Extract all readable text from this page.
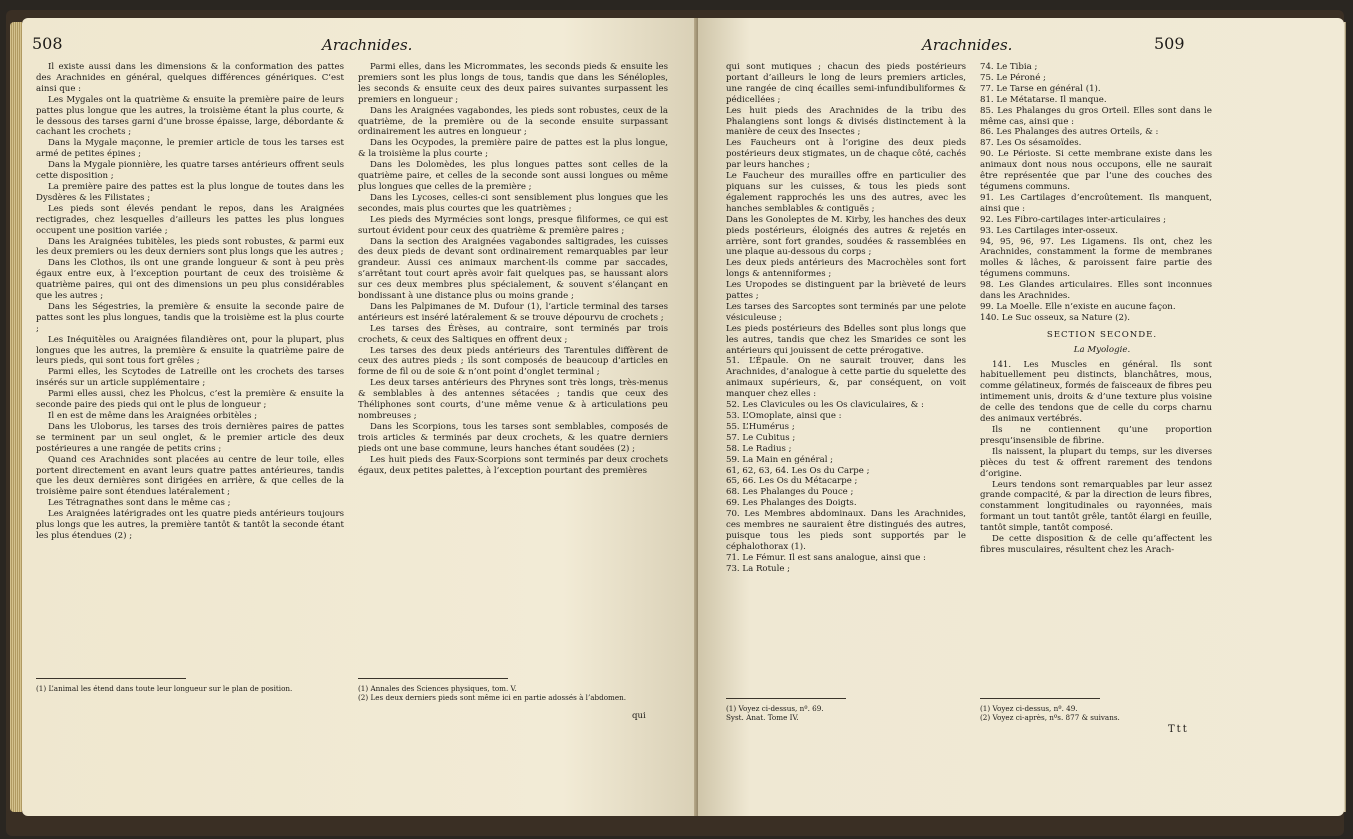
508	Arachnides.

Il existe aussi dans les dimensions & la conformation des pattes des Arachnides en général, quelques différences génériques. C’est ainsi que :

Les Mygales ont la quatrième & ensuite la première paire de leurs pattes plus longue que les autres, la troisième étant la plus courte, & le dessous des tarses garni d’une brosse épaisse, large, débordante & cachant les crochets ;

Dans la Mygale maçonne, le premier article de tous les tarses est armé de petites épines ;

Dans la Mygale pionnière, les quatre tarses antérieurs offrent seuls cette disposition ;

La première paire des pattes est la plus longue de toutes dans les Dysdères & les Filistates ;

Les pieds sont élevés pendant le repos, dans les Araignées rectigrades, chez lesquelles d’ailleurs les pattes les plus longues occupent une position variée ;

Dans les Araignées tubitèles, les pieds sont robustes, & parmi eux les deux premiers ou les deux derniers sont plus longs que les autres ;

Dans les Clothos, ils ont une grande longueur & sont à peu près égaux entre eux, à l’exception pourtant de ceux des troisième & quatrième paires, qui ont des dimensions un peu plus considérables que les autres ;

Dans les Ségestries, la première & ensuite la seconde paire de pattes sont les plus longues, tandis que la troisième est la plus courte ;

Les Inéquitèles ou Araignées filandières ont, pour la plupart, plus longues que les autres, la première & ensuite la quatrième paire de leurs pieds, qui sont tous fort grêles ;

Parmi elles, les Scytodes de Latreille ont les crochets des tarses insérés sur un article supplémentaire ;

Parmi elles aussi, chez les Pholcus, c’est la première & ensuite la seconde paire des pieds qui ont le plus de longueur ;

Il en est de même dans les Araignées orbitèles ;

Dans les Uloborus, les tarses des trois dernières paires de pattes se terminent par un seul onglet, & le premier article des deux postérieures a une rangée de petits crins ;

Quand ces Arachnides sont placées au centre de leur toile, elles portent directement en avant leurs quatre pattes antérieures, tandis que les deux dernières sont dirigées en arrière, & que celles de la troisième paire sont étendues latéralement ;

Les Tétragnathes sont dans le même cas ;

Les Araignées latérigrades ont les quatre pieds antérieurs toujours plus longs que les autres, la première tantôt & tantôt la seconde étant les plus étendues (2) ;

Parmi elles, dans les Micrommates, les seconds pieds & ensuite les premiers sont les plus longs de tous, tandis que dans les Sénéloples, les seconds & ensuite ceux des deux paires suivantes surpassent les premiers en longueur ;

Dans les Araignées vagabondes, les pieds sont robustes, ceux de la quatrième, de la première ou de la seconde ensuite surpassant ordinairement les autres en longueur ;

Dans les Ocypodes, la première paire de pattes est la plus longue, & la troisième la plus courte ;

Dans les Dolomèdes, les plus longues pattes sont celles de la quatrième paire, et celles de la seconde sont aussi longues ou même plus longues que celles de la première ;

Dans les Lycoses, celles-ci sont sensiblement plus longues que les secondes, mais plus courtes que les quatrièmes ;

Les pieds des Myrmécies sont longs, presque filiformes, ce qui est surtout évident pour ceux des quatrième & première paires ;

Dans la section des Araignées vagabondes saltigrades, les cuisses des deux pieds de devant sont ordinairement remarquables par leur grandeur. Aussi ces animaux marchent-ils comme par saccades, s’arrêtant tout court après avoir fait quelques pas, se haussant alors sur ces deux membres plus spécialement, & souvent s’élançant en bondissant à une distance plus ou moins grande ;

Dans les Palpimanes de M. Dufour (1), l’article terminal des tarses antérieurs est inséré latéralement & se trouve dépourvu de crochets ;

Les tarses des Érèses, au contraire, sont terminés par trois crochets, & ceux des Saltiques en offrent deux ;

Les tarses des deux pieds antérieurs des Tarentules diffèrent de ceux des autres pieds ; ils sont composés de beaucoup d’articles en forme de fil ou de soie & n’ont point d’onglet terminal ;

Les deux tarses antérieurs des Phrynes sont très longs, très-menus & semblables à des antennes sétacées ; tandis que ceux des Théliphones sont courts, d’une même venue & à articulations peu nombreuses ;

Dans les Scorpions, tous les tarses sont semblables, composés de trois articles & terminés par deux crochets, & les quatre derniers pieds ont une base commune, leurs hanches étant soudées (2) ;

Les huit pieds des Faux-Scorpions sont terminés par deux crochets égaux, deux petites palettes, à l’exception pourtant des premières

(1) L’animal les étend dans toute leur longueur sur le plan de position.	(1) Annales des Sciences physiques, tom. V.

(2) Les deux derniers pieds sont même ici en partie adossés à l’abdomen.

qui
Arachnides.	509

qui sont mutiques ; chacun des pieds postérieurs portant d’ailleurs le long de leurs premiers articles, une rangée de cinq écailles semi-infundibuliformes & pédicellées ;

Les huit pieds des Arachnides de la tribu des Phalangiens sont longs & divisés distinctement à la manière de ceux des Insectes ;

Les Faucheurs ont à l’origine des deux pieds postérieurs deux stigmates, un de chaque côté, cachés par leurs hanches ;

Le Faucheur des murailles offre en particulier des piquans sur les cuisses, & tous les pieds sont également rapprochés les uns des autres, avec les hanches semblables & contiguës ;

Dans les Gonoleptes de M. Kirby, les hanches des deux pieds postérieurs, éloignés des autres & rejetés en arrière, sont fort grandes, soudées & rassemblées en une plaque au-dessous du corps ;

Les deux pieds antérieurs des Macrochèles sont fort longs & antenniformes ;

Les Uropodes se distinguent par la brièveté de leurs pattes ;

Les tarses des Sarcoptes sont terminés par une pelote vésiculeuse ;

Les pieds postérieurs des Bdelles sont plus longs que les autres, tandis que chez les Smarides ce sont les antérieurs qui jouissent de cette prérogative.

51. L’Épaule. On ne saurait trouver, dans les Arachnides, d’analogue à cette partie du squelette des animaux supérieurs, &, par conséquent, on voit manquer chez elles :

52. Les Clavicules ou les Os claviculaires, & :

53. L’Omoplate, ainsi que :

55. L’Humérus ;

57. Le Cubitus ;

58. Le Radius ;

59. La Main en général ;

61, 62, 63, 64. Les Os du Carpe ;

65, 66. Les Os du Métacarpe ;

68. Les Phalanges du Pouce ;

69. Les Phalanges des Doigts.

70. Les Membres abdominaux. Dans les Arachnides, ces membres ne sauraient être distingués des autres, puisque tous les pieds sont supportés par le céphalothorax (1).

71. Le Fémur. Il est sans analogue, ainsi que :

73. La Rotule ;

74. Le Tibia ;

75. Le Péroné ;

77. Le Tarse en général (1).

81. Le Métatarse. Il manque.

85. Les Phalanges du gros Orteil. Elles sont dans le même cas, ainsi que :

86. Les Phalanges des autres Orteils, & :

87. Les Os sésamoïdes.

90. Le Périoste. Si cette membrane existe dans les animaux dont nous nous occupons, elle ne saurait être représentée que par l’une des couches des tégumens communs.

91. Les Cartilages d’encroûtement. Ils manquent, ainsi que :

92. Les Fibro-cartilages inter-articulaires ;

93. Les Cartilages inter-osseux.

94, 95, 96, 97. Les Ligamens. Ils ont, chez les Arachnides, constamment la forme de membranes molles & lâches, & paroissent faire partie des tégumens communs.

98. Les Glandes articulaires. Elles sont inconnues dans les Arachnides.

99. La Moelle. Elle n’existe en aucune façon.

140. Le Suc osseux, sa Nature (2).

SECTION SECONDE.

La Myologie.

141. Les Muscles en général. Ils sont habituellement peu distincts, blanchâtres, mous, comme gélatineux, formés de faisceaux de fibres peu intimement unis, droits & d’une texture plus voisine de celle des tendons que de celle du corps charnu des animaux vertébrés.

Ils ne contiennent qu’une proportion presqu’insensible de fibrine.

Ils naissent, la plupart du temps, sur les diverses pièces du test & offrent rarement des tendons d’origine.

Leurs tendons sont remarquables par leur assez grande compacité, & par la direction de leurs fibres, constamment longitudinales ou rayonnées, mais formant un tout tantôt grêle, tantôt élargi en feuille, tantôt simple, tantôt composé.

De cette disposition & de celle qu’affectent les fibres musculaires, résultent chez les Arach-

(1) Voyez ci-dessus, nº. 69.

Syst. Anat. Tome IV.

(1) Voyez ci-dessus, nº. 49.

(2) Voyez ci-après, nºs. 877 & suivans.

Ttt
